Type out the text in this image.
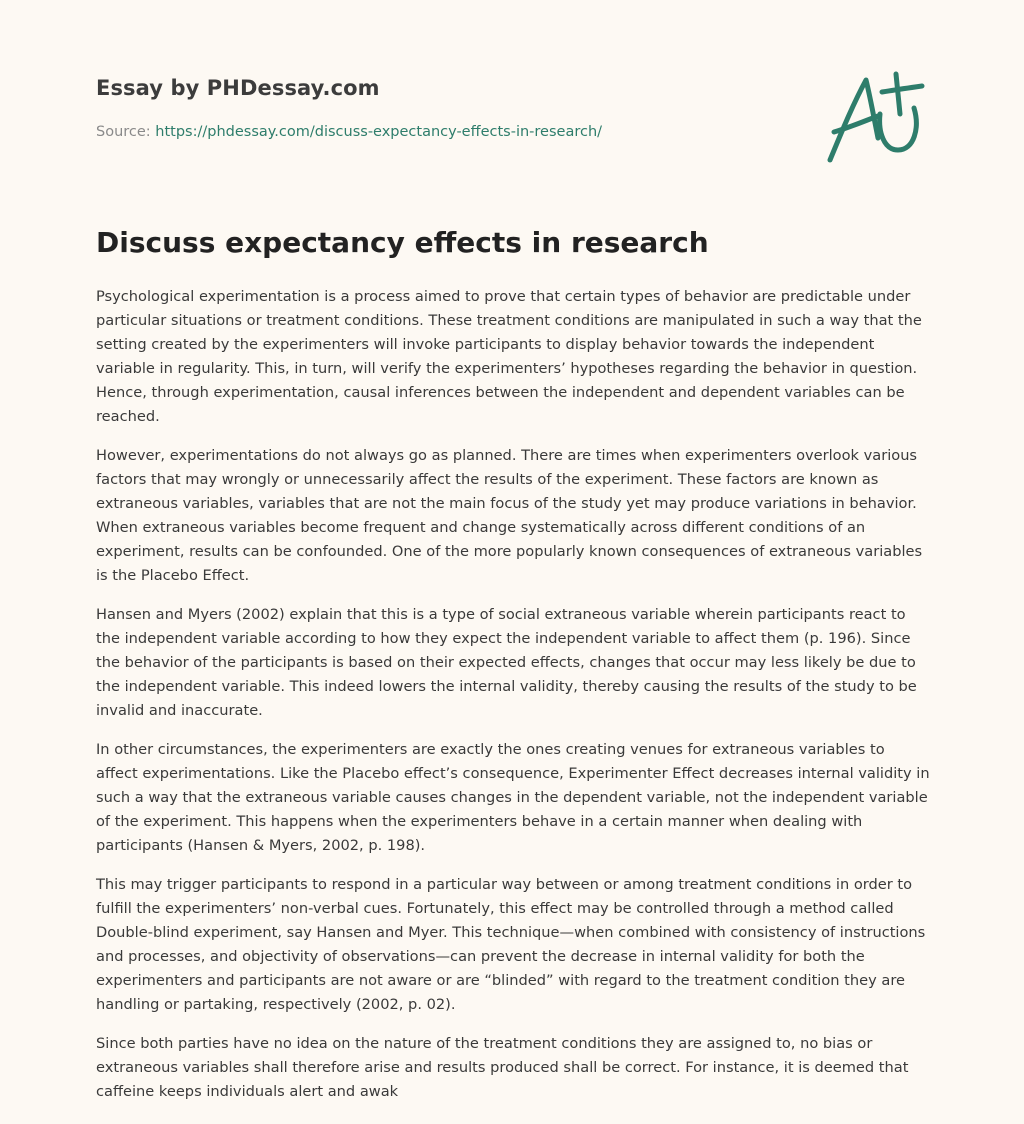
Essay by PHDessay.com
Source: https://phdessay.com/discuss-expectancy-effects-in-research/
Discuss expectancy effects in research

Psychological experimentation is a process aimed to prove that certain types of behavior are predictable under particular situations or treatment conditions. These treatment conditions are manipulated in such a way that the setting created by the experimenters will invoke participants to display behavior towards the independent variable in regularity. This, in turn, will verify the experimenters’ hypotheses regarding the behavior in question. Hence, through experimentation, causal inferences between the independent and dependent variables can be reached.

However, experimentations do not always go as planned. There are times when experimenters overlook various factors that may wrongly or unnecessarily affect the results of the experiment. These factors are known as extraneous variables, variables that are not the main focus of the study yet may produce variations in behavior. When extraneous variables become frequent and change systematically across different conditions of an experiment, results can be confounded. One of the more popularly known consequences of extraneous variables is the Placebo Effect.

Hansen and Myers (2002) explain that this is a type of social extraneous variable wherein participants react to the independent variable according to how they expect the independent variable to affect them (p. 196). Since the behavior of the participants is based on their expected effects, changes that occur may less likely be due to the independent variable. This indeed lowers the internal validity, thereby causing the results of the study to be invalid and inaccurate.

In other circumstances, the experimenters are exactly the ones creating venues for extraneous variables to affect experimentations. Like the Placebo effect’s consequence, Experimenter Effect decreases internal validity in such a way that the extraneous variable causes changes in the dependent variable, not the independent variable of the experiment. This happens when the experimenters behave in a certain manner when dealing with participants (Hansen & Myers, 2002, p. 198).

This may trigger participants to respond in a particular way between or among treatment conditions in order to fulfill the experimenters’ non-verbal cues. Fortunately, this effect may be controlled through a method called Double-blind experiment, say Hansen and Myer. This technique—when combined with consistency of instructions and processes, and objectivity of observations—can prevent the decrease in internal validity for both the experimenters and participants are not aware or are “blinded” with regard to the treatment condition they are handling or partaking, respectively (2002, p. 02).

Since both parties have no idea on the nature of the treatment conditions they are assigned to, no bias or extraneous variables shall therefore arise and results produced shall be correct. For instance, it is deemed that caffeine keeps individuals alert and awak
